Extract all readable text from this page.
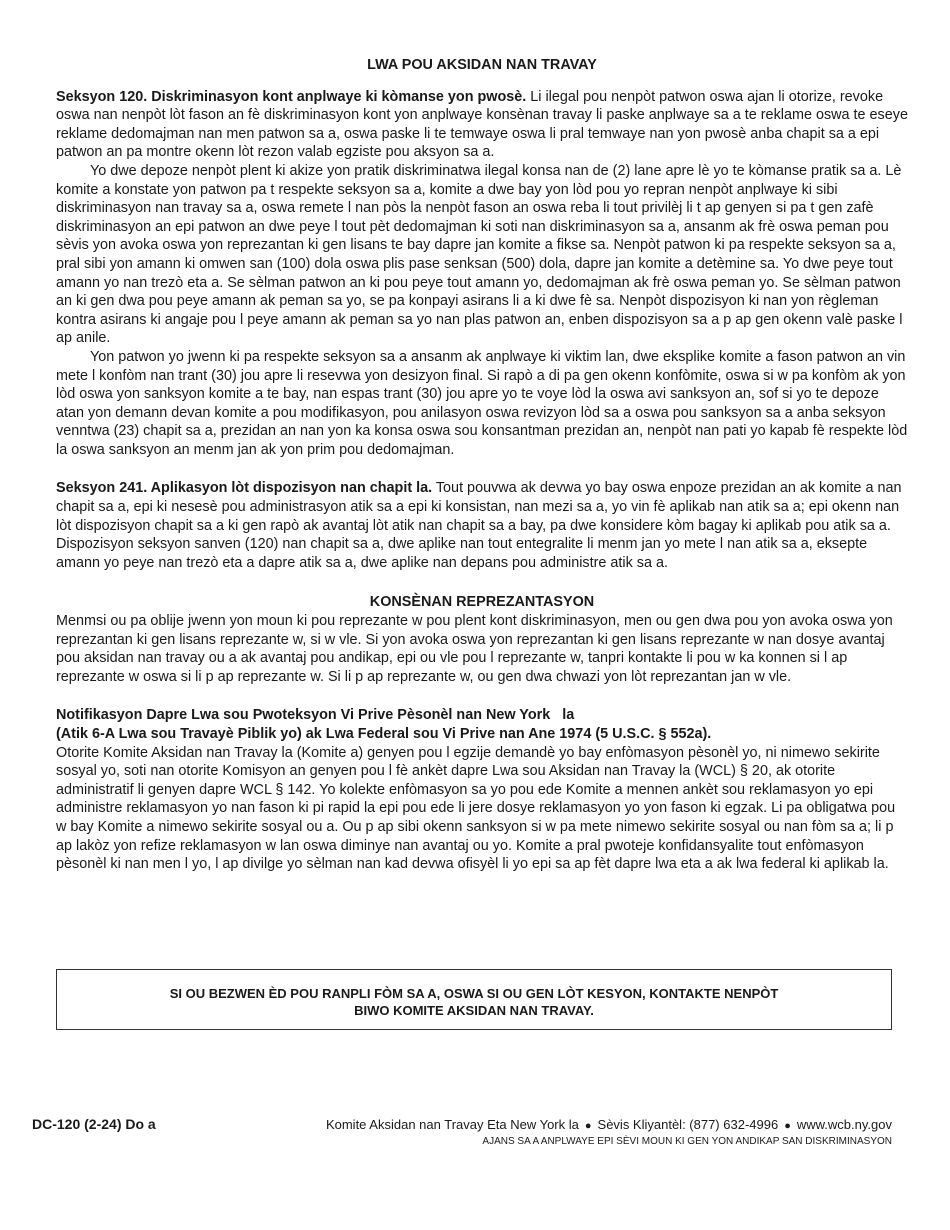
LWA POU AKSIDAN NAN TRAVAY

Seksyon 120. Diskriminasyon kont anplwaye ki kòmanse yon pwosè. Li ilegal pou nenpòt patwon oswa ajan li otorize, revoke oswa nan nenpòt lòt fason an fè diskriminasyon kont yon anplwaye konsènan travay li paske anplwaye sa a te reklame oswa te eseye reklame dedomajman nan men patwon sa a, oswa paske li te temwaye oswa li pral temwaye nan yon pwosè anba chapit sa a epi patwon an pa montre okenn lòt rezon valab egziste pou aksyon sa a.

Yo dwe depoze nenpòt plent ki akize yon pratik diskriminatwa ilegal konsa nan de (2) lane apre lè yo te kòmanse pratik sa a. Lè komite a konstate yon patwon pa t respekte seksyon sa a, komite a dwe bay yon lòd pou yo repran nenpòt anplwaye ki sibi diskriminasyon nan travay sa a, oswa remete l nan pòs la nenpòt fason an oswa reba li tout privilèj li t ap genyen si pa t gen zafè diskriminasyon an epi patwon an dwe peye l tout pèt dedomajman ki soti nan diskriminasyon sa a, ansanm ak frè oswa peman pou sèvis yon avoka oswa yon reprezantan ki gen lisans te bay dapre jan komite a fikse sa. Nenpòt patwon ki pa respekte seksyon sa a, pral sibi yon amann ki omwen san (100) dola oswa plis pase senksan (500) dola, dapre jan komite a detèmine sa. Yo dwe peye tout amann yo nan trezò eta a. Se sèlman patwon an ki pou peye tout amann yo, dedomajman ak frè oswa peman yo. Se sèlman patwon an ki gen dwa pou peye amann ak peman sa yo, se pa konpayi asirans li a ki dwe fè sa. Nenpòt dispozisyon ki nan yon règleman kontra asirans ki angaje pou l peye amann ak peman sa yo nan plas patwon an, enben dispozisyon sa a p ap gen okenn valè paske l ap anile.

Yon patwon yo jwenn ki pa respekte seksyon sa a ansanm ak anplwaye ki viktim lan, dwe eksplike komite a fason patwon an vin mete l konfòm nan trant (30) jou apre li resevwa yon desizyon final. Si rapò a di pa gen okenn konfòmite, oswa si w pa konfòm ak yon lòd oswa yon sanksyon komite a te bay, nan espas trant (30) jou apre yo te voye lòd la oswa avi sanksyon an, sof si yo te depoze atan yon demann devan komite a pou modifikasyon, pou anilasyon oswa revizyon lòd sa a oswa pou sanksyon sa a anba seksyon venntwa (23) chapit sa a, prezidan an nan yon ka konsa oswa sou konsantman prezidan an, nenpòt nan pati yo kapab fè respekte lòd la oswa sanksyon an menm jan ak yon prim pou dedomajman.

Seksyon 241. Aplikasyon lòt dispozisyon nan chapit la. Tout pouvwa ak devwa yo bay oswa enpoze prezidan an ak komite a nan chapit sa a, epi ki nesesè pou administrasyon atik sa a epi ki konsistan, nan mezi sa a, yo vin fè aplikab nan atik sa a; epi okenn nan lòt dispozisyon chapit sa a ki gen rapò ak avantaj lòt atik nan chapit sa a bay, pa dwe konsidere kòm bagay ki aplikab pou atik sa a. Dispozisyon seksyon sanven (120) nan chapit sa a, dwe aplike nan tout entegralite li menm jan yo mete l nan atik sa a, eksepte amann yo peye nan trezò eta a dapre atik sa a, dwe aplike nan depans pou administre atik sa a.

KONSÈNAN REPREZANTASYON

Menmsi ou pa oblije jwenn yon moun ki pou reprezante w pou plent kont diskriminasyon, men ou gen dwa pou yon avoka oswa yon reprezantan ki gen lisans reprezante w, si w vle. Si yon avoka oswa yon reprezantan ki gen lisans reprezante w nan dosye avantaj pou aksidan nan travay ou a ak avantaj pou andikap, epi ou vle pou l reprezante w, tanpri kontakte li pou w ka konnen si l ap reprezante w oswa si li p ap reprezante w. Si li p ap reprezante w, ou gen dwa chwazi yon lòt reprezantan jan w vle.

Notifikasyon Dapre Lwa sou Pwoteksyon Vi Prive Pèsonèl nan New York   la
(Atik 6-A Lwa sou Travayè Piblik yo) ak Lwa Federal sou Vi Prive nan Ane 1974 (5 U.S.C. § 552a).

Otorite Komite Aksidan nan Travay la (Komite a) genyen pou l egzije demandè yo bay enfòmasyon pèsonèl yo, ni nimewo sekirite sosyal yo, soti nan otorite Komisyon an genyen pou l fè ankèt dapre Lwa sou Aksidan nan Travay la (WCL) § 20, ak otorite administratif li genyen dapre WCL § 142. Yo kolekte enfòmasyon sa yo pou ede Komite a mennen ankèt sou reklamasyon yo epi administre reklamasyon yo nan fason ki pi rapid la epi pou ede li jere dosye reklamasyon yo yon fason ki egzak. Li pa obligatwa pou w bay Komite a nimewo sekirite sosyal ou a. Ou p ap sibi okenn sanksyon si w pa mete nimewo sekirite sosyal ou nan fòm sa a; li p ap lakòz yon refize reklamasyon w lan oswa diminye nan avantaj ou yo. Komite a pral pwoteje konfidansyalite tout enfòmasyon pèsonèl ki nan men l yo, l ap divilge yo sèlman nan kad devwa ofisyèl li yo epi sa ap fèt dapre lwa eta a ak lwa federal ki aplikab la.

SI OU BEZWEN ÈD POU RANPLI FÒM SA A, OSWA SI OU GEN LÒT KESYON, KONTAKTE NENPÒT
BIWO KOMITE AKSIDAN NAN TRAVAY.
DC-120 (2-24) Do a	Komite Aksidan nan Travay Eta New York la ● Sèvis Kliyantèl: (877) 632-4996 ● www.wcb.ny.gov
AJANS SA A ANPLWAYE EPI SÈVI MOUN KI GEN YON ANDIKAP SAN DISKRIMINASYON
